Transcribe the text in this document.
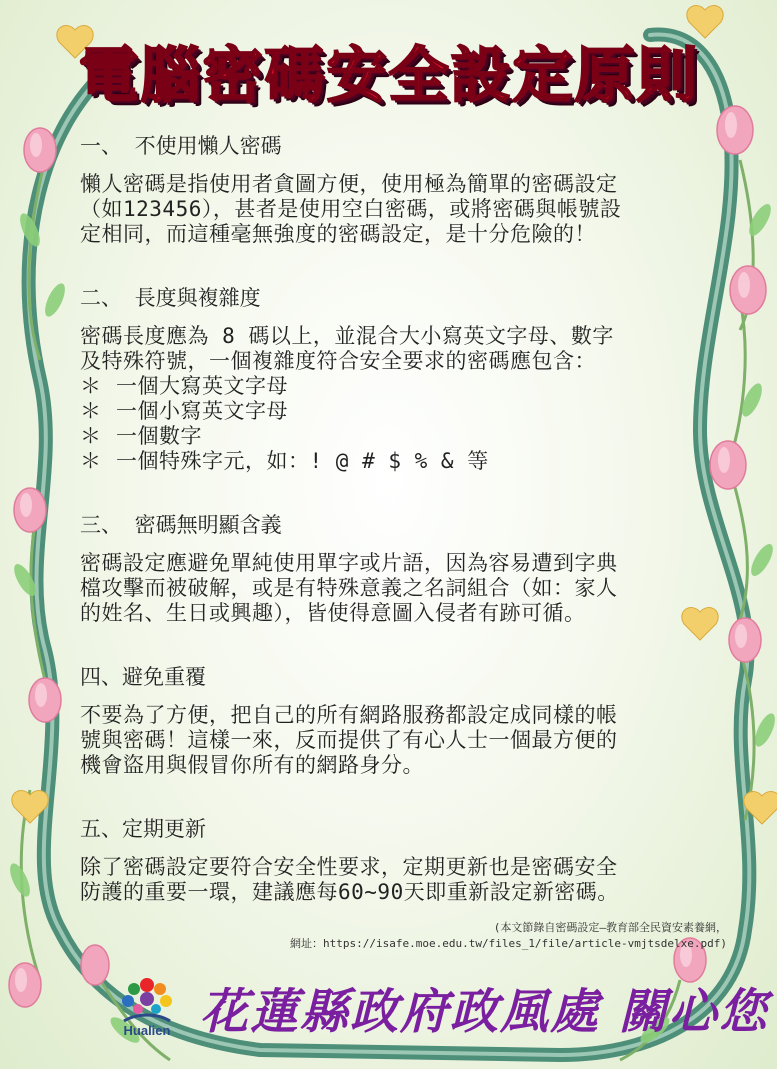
電腦密碼安全設定原則
一、 不使用懶人密碼
懶人密碼是指使用者貪圖方便，使用極為簡單的密碼設定
（如123456），甚者是使用空白密碼，或將密碼與帳號設
定相同，而這種毫無強度的密碼設定，是十分危險的！
二、 長度與複雜度
密碼長度應為 8 碼以上，並混合大小寫英文字母、數字
及特殊符號，一個複雜度符合安全要求的密碼應包含：
＊ 一個大寫英文字母
＊ 一個小寫英文字母
＊ 一個數字
＊ 一個特殊字元，如：! @ # $ % & 等
三、 密碼無明顯含義
密碼設定應避免單純使用單字或片語，因為容易遭到字典
檔攻擊而被破解，或是有特殊意義之名詞組合（如：家人
的姓名、生日或興趣），皆使得意圖入侵者有跡可循。
四、避免重覆
不要為了方便，把自己的所有網路服務都設定成同樣的帳
號與密碼！這樣一來，反而提供了有心人士一個最方便的
機會盜用與假冒你所有的網路身分。
五、定期更新
除了密碼設定要符合安全性要求，定期更新也是密碼安全
防護的重要一環，建議應每60~90天即重新設定新密碼。
(本文節錄自密碼設定—教育部全民資安素養網，
網址：https://isafe.moe.edu.tw/files_1/file/article-vmjtsdelxe.pdf)
Hualien 花蓮縣政府政風處 關心您
